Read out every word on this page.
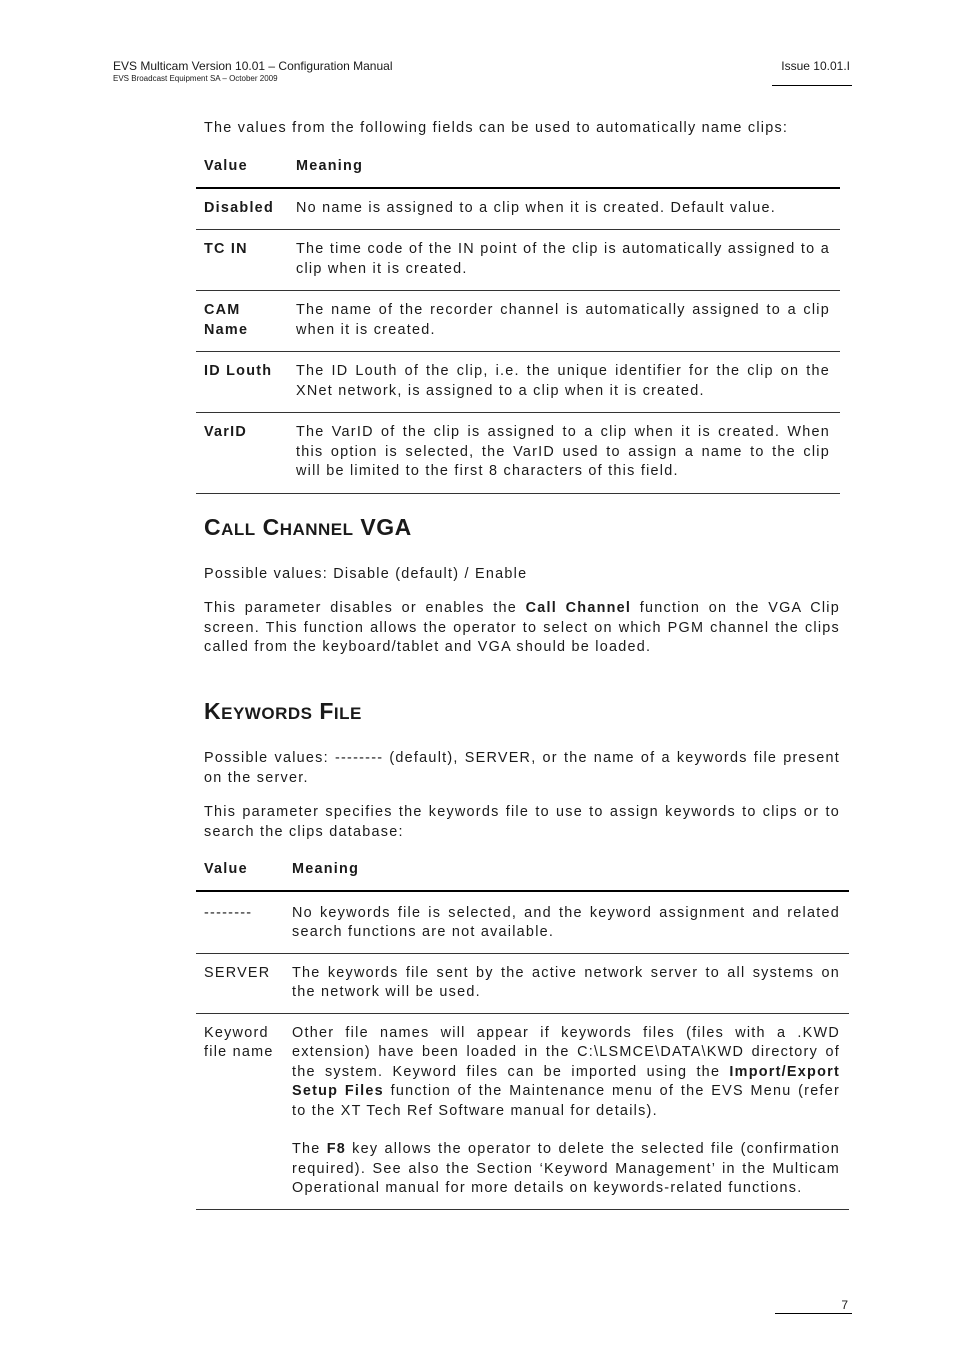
EVS Multicam Version 10.01 – Configuration Manual
EVS Broadcast Equipment SA – October 2009
Issue 10.01.I

The values from the following fields can be used to automatically name clips:

Value	Meaning
Disabled	No name is assigned to a clip when it is created. Default value.
TC IN	The time code of the IN point of the clip is automatically assigned to a clip when it is created.
CAM Name	The name of the recorder channel is automatically assigned to a clip when it is created.
ID Louth	The ID Louth of the clip, i.e. the unique identifier for the clip on the XNet network, is assigned to a clip when it is created.
VarID	The VarID of the clip is assigned to a clip when it is created. When this option is selected, the VarID used to assign a name to the clip will be limited to the first 8 characters of this field.
CALL CHANNEL VGA

Possible values: Disable (default) / Enable

This parameter disables or enables the Call Channel function on the VGA Clip screen. This function allows the operator to select on which PGM channel the clips called from the keyboard/tablet and VGA should be loaded.

KEYWORDS FILE

Possible values: -------- (default), SERVER, or the name of a keywords file present on the server.

This parameter specifies the keywords file to use to assign keywords to clips or to search the clips database:

Value	Meaning
--------	No keywords file is selected, and the keyword assignment and related search functions are not available.
SERVER	The keywords file sent by the active network server to all systems on the network will be used.
Keyword file name	Other file names will appear if keywords files (files with a .KWD extension) have been loaded in the C:\LSMCE\DATA\KWD directory of the system. Keyword files can be imported using the Import/Export Setup Files function of the Maintenance menu of the EVS Menu (refer to the XT Tech Ref Software manual for details).
The F8 key allows the operator to delete the selected file (confirmation required). See also the Section ‘Keyword Management’ in the Multicam Operational manual for more details on keywords-related functions.
7
